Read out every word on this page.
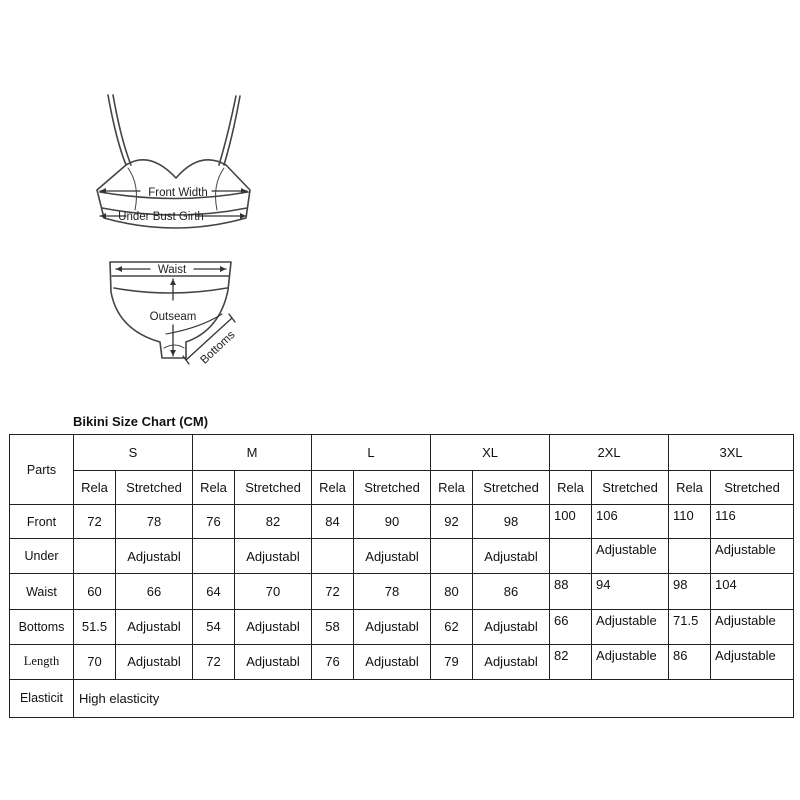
Front Width
Under Bust Girth
Waist
Outseam
Bottoms
Bikini Size Chart (CM)
Parts	S		M		L		XL		2XL		3XL	
	Rela	Stretched	Rela	Stretched	Rela	Stretched	Rela	Stretched	Rela	Stretched	Rela	Stretched
Front	72	78	76	82	84	90	92	98	100	106	110	116
Under		Adjustabl		Adjustabl		Adjustabl		Adjustabl		Adjustable		Adjustable
Waist	60	66	64	70	72	78	80	86	88	94	98	104
Bottoms	51.5	Adjustabl	54	Adjustabl	58	Adjustabl	62	Adjustabl	66	Adjustable	71.5	Adjustable
Length	70	Adjustabl	72	Adjustabl	76	Adjustabl	79	Adjustabl	82	Adjustable	86	Adjustable
Elasticit	High elasticity											
